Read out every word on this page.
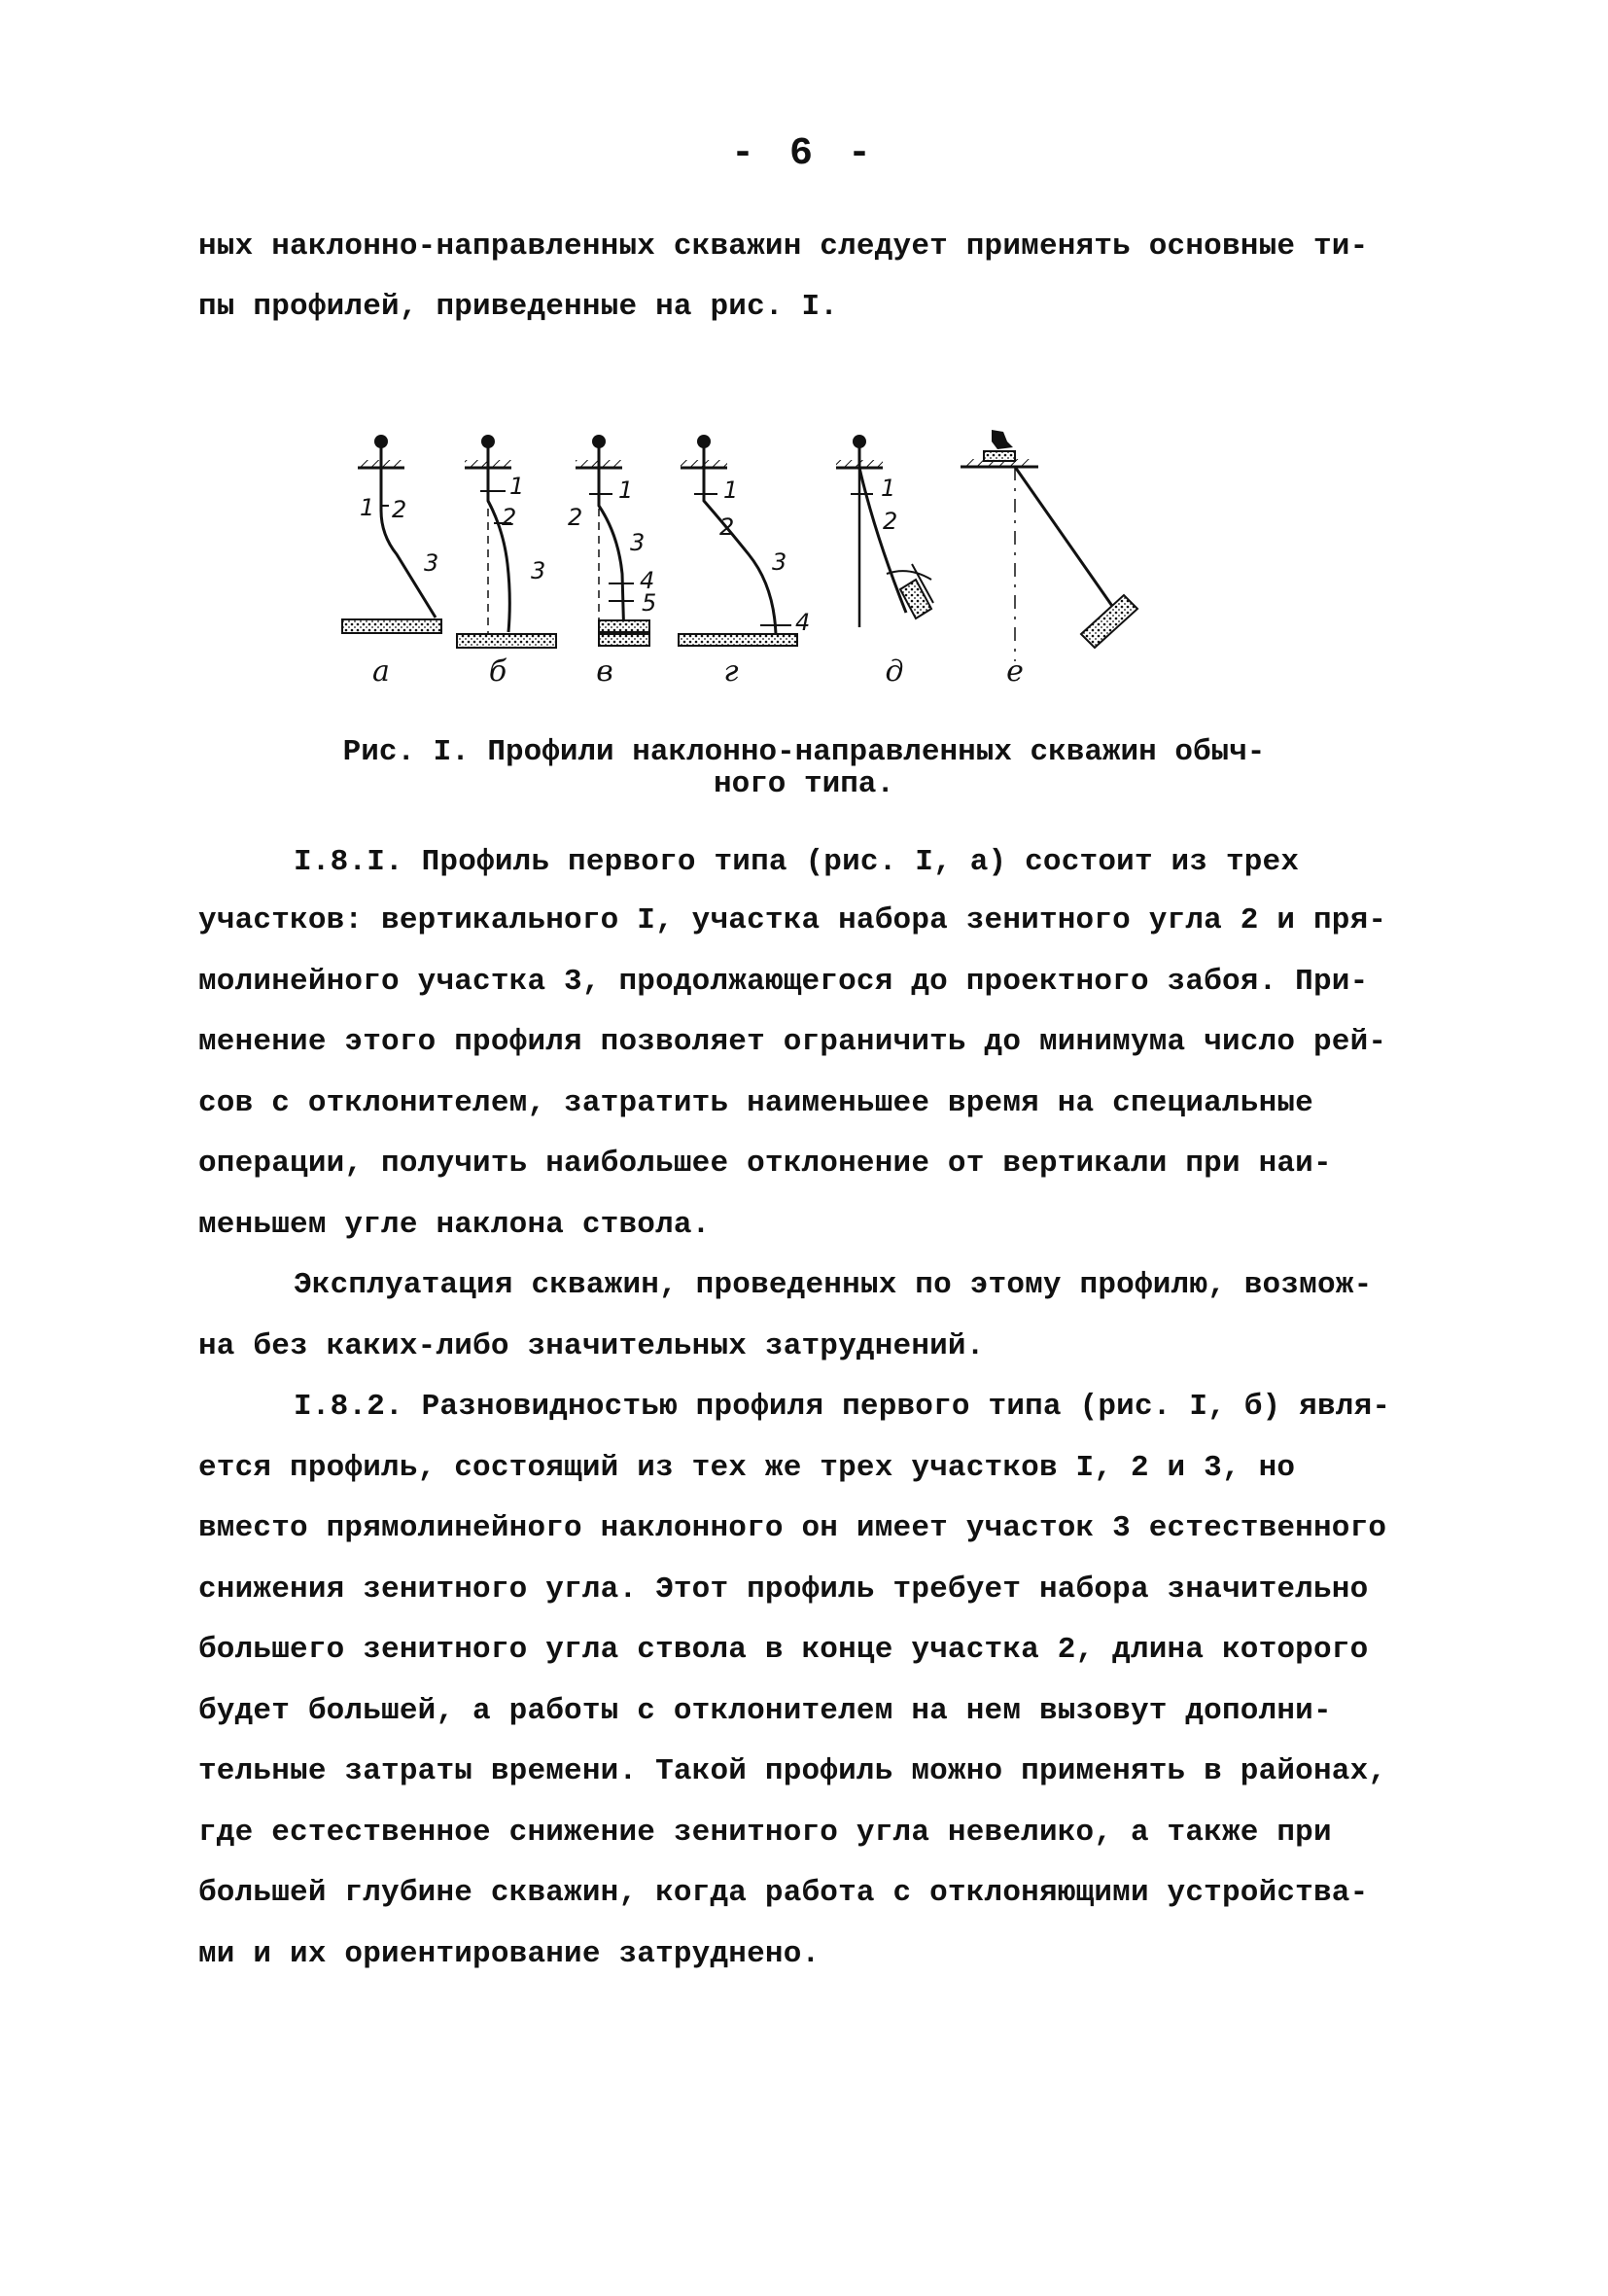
- 6 -
ных наклонно-направленных скважин следует применять основные ти-
пы профилей, приведенные на рис. I.
1 2
3
а
1
2
3
б
1
2
3
4
5
в
1
2
3
4
г
1
2
д	е
Рис. I. Профили наклонно-направленных скважин обыч-
ного типа.
I.8.I. Профиль первого типа (рис. I, а) состоит из трех
участков: вертикального I, участка набора зенитного угла 2 и пря-
молинейного участка 3, продолжающегося до проектного забоя. При-
менение этого профиля позволяет ограничить до минимума число рей-
сов с отклонителем, затратить наименьшее время на специальные
операции, получить наибольшее отклонение от вертикали при наи-
меньшем угле наклона ствола.
Эксплуатация скважин, проведенных по этому профилю, возмож-
на без каких-либо значительных затруднений.
I.8.2. Разновидностью профиля первого типа (рис. I, б) явля-
ется профиль, состоящий из тех же трех участков I, 2 и 3, но
вместо прямолинейного наклонного он имеет участок 3 естественного
снижения зенитного угла. Этот профиль требует набора значительно
большего зенитного угла ствола в конце участка 2, длина которого
будет большей, а работы с отклонителем на нем вызовут дополни-
тельные затраты времени. Такой профиль можно применять в районах,
где естественное снижение зенитного угла невелико, а также при
большей глубине скважин, когда работа с отклоняющими устройства-
ми и их ориентирование затруднено.
